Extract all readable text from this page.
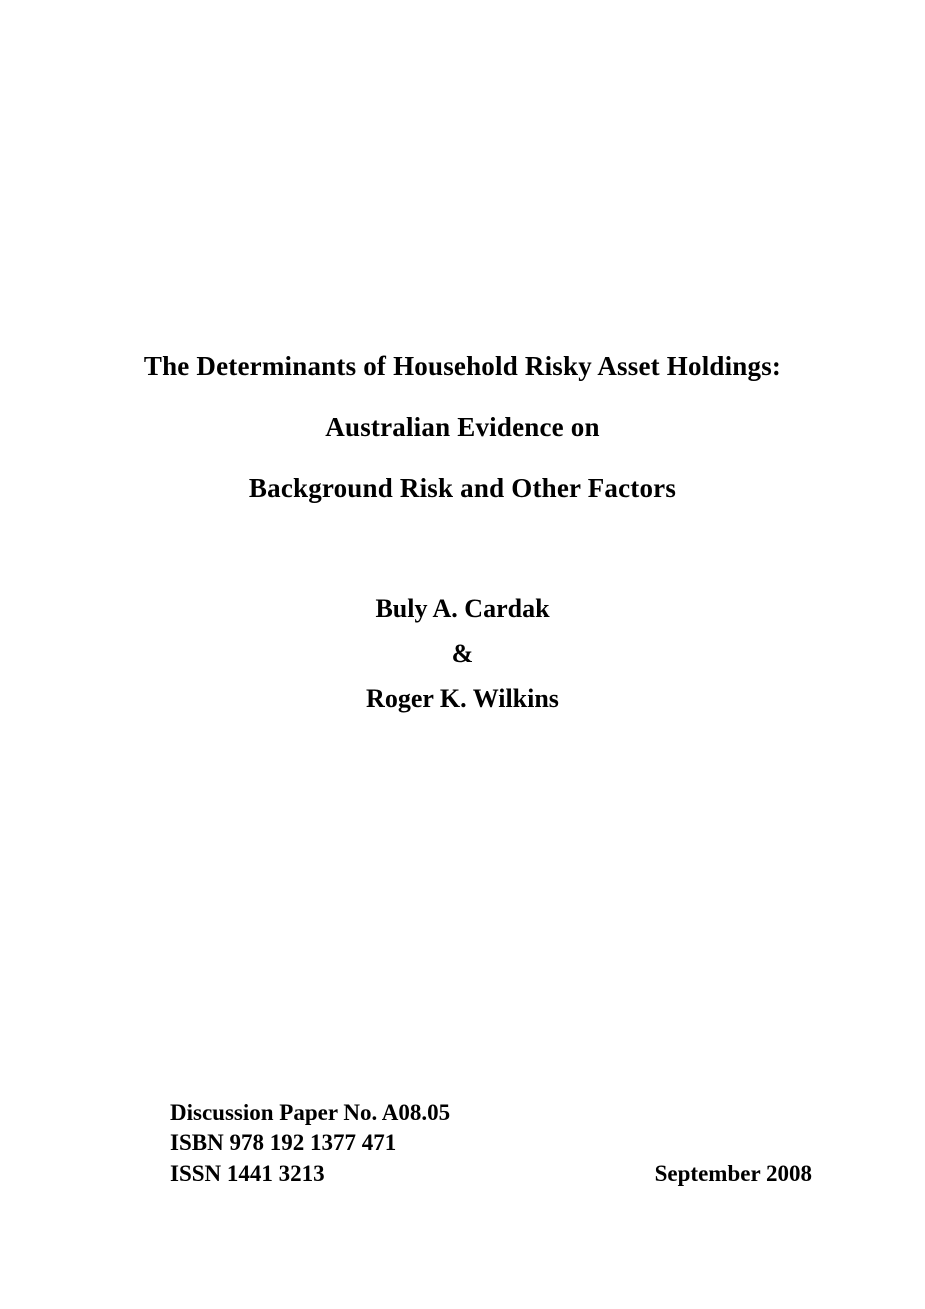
The Determinants of Household Risky Asset Holdings:
Australian Evidence on
Background Risk and Other Factors
Buly A. Cardak
&
Roger K. Wilkins
Discussion Paper No. A08.05
ISBN 978 192 1377 471
ISSN 1441 3213	September 2008
